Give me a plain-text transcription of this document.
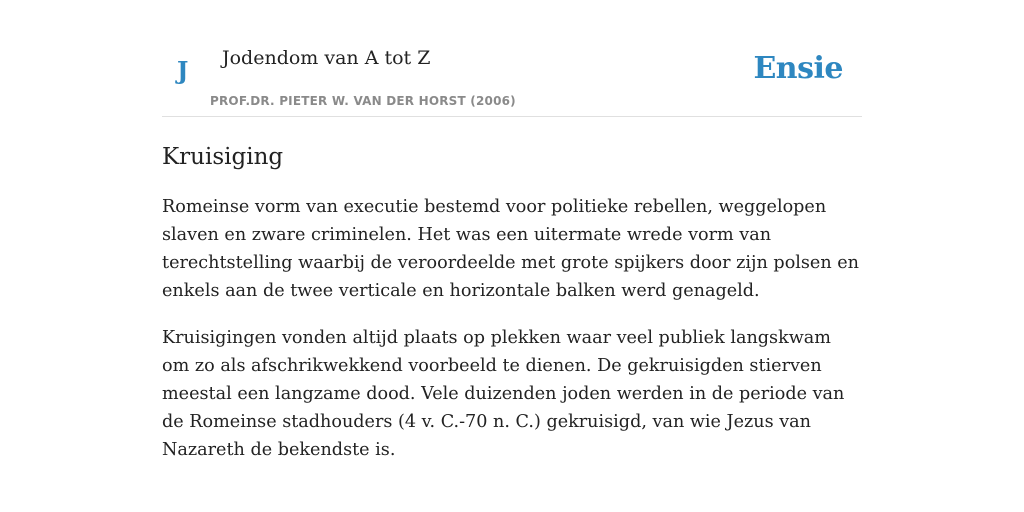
J Jodendom van A tot Z
PROF.DR. PIETER W. VAN DER HORST (2006)
Ensie
Kruisiging

Romeinse vorm van executie bestemd voor politieke rebellen, weggelopen slaven en zware criminelen. Het was een uitermate wrede vorm van terechtstelling waarbij de veroordeelde met grote spijkers door zijn polsen en enkels aan de twee verticale en horizontale balken werd genageld.

Kruisigingen vonden altijd plaats op plekken waar veel publiek langskwam om zo als afschrikwekkend voorbeeld te dienen. De gekruisigden stierven meestal een langzame dood. Vele duizenden joden werden in de periode van de Romeinse stadhouders (4 v. C.-70 n. C.) gekruisigd, van wie Jezus van Nazareth de bekendste is.
